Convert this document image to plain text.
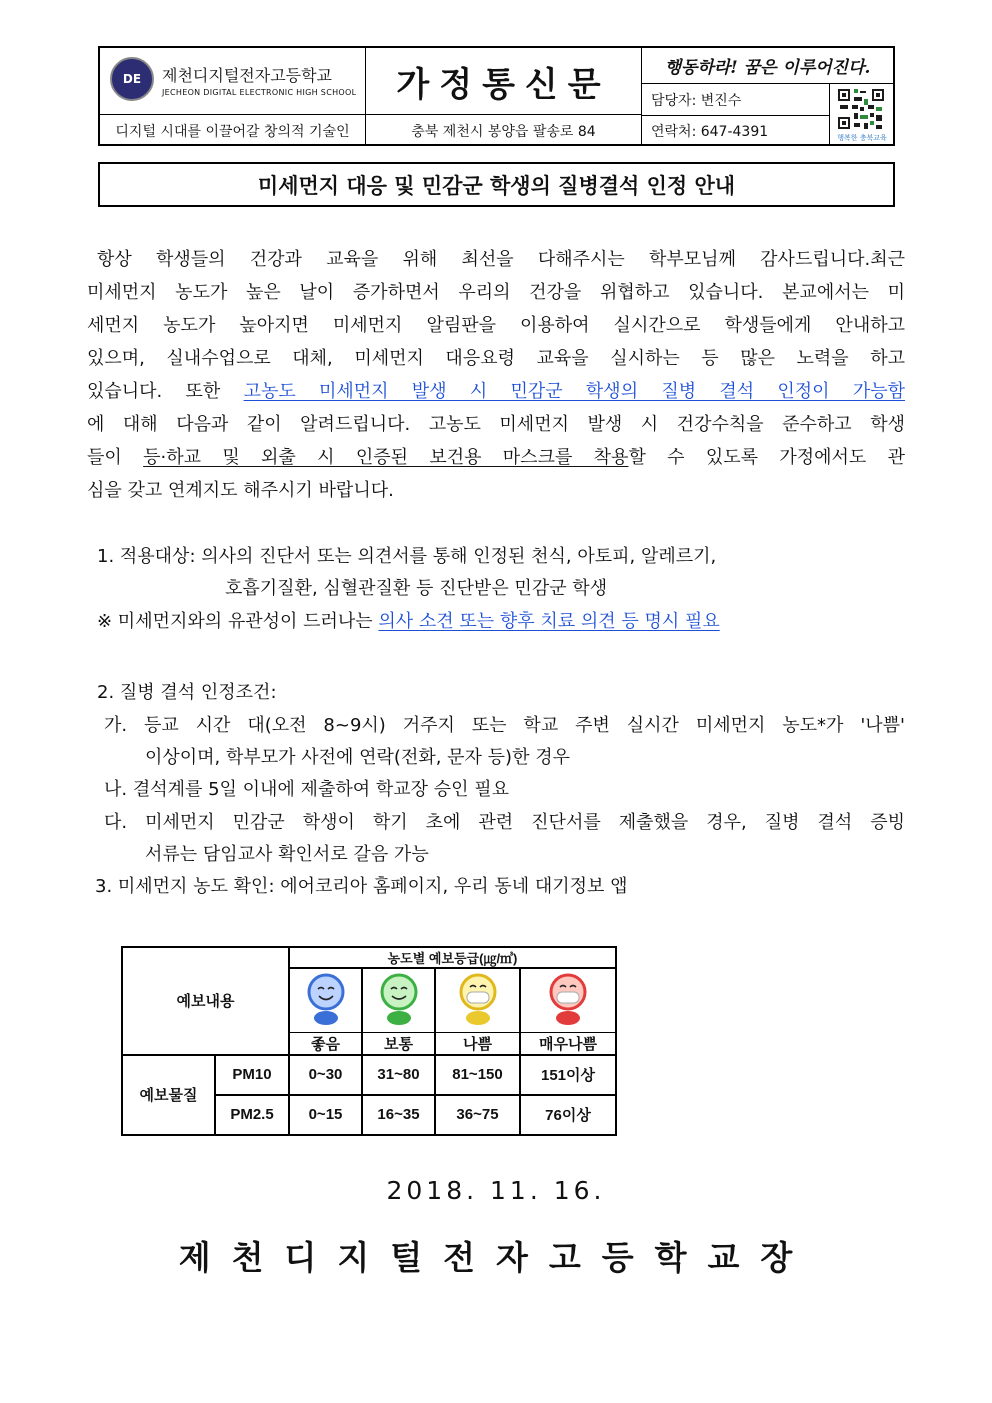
DE 제천디지털전자고등학교
JECHEON DIGITAL ELECTRONIC HIGH SCHOOL	가정통신문	행동하라! 꿈은 이루어진다.
담당자: 변진수
연락처: 647-4391	행복한 충북교육
디지털 시대를 이끌어갈 창의적 기술인	충북 제천시 봉양읍 팔송로 84
미세먼지 대응 및 민감군 학생의 질병결석 인정 안내
항상 학생들의 건강과 교육을 위해 최선을 다해주시는 학부모님께 감사드립니다.최근
미세먼지 농도가 높은 날이 증가하면서 우리의 건강을 위협하고 있습니다. 본교에서는 미
세먼지 농도가 높아지면 미세먼지 알림판을 이용하여 실시간으로 학생들에게 안내하고
있으며, 실내수업으로 대체, 미세먼지 대응요령 교육을 실시하는 등 많은 노력을 하고
있습니다. 또한 고농도 미세먼지 발생 시 민감군 학생의 질병 결석 인정이 가능함
에 대해 다음과 같이 알려드립니다. 고농도 미세먼지 발생 시 건강수칙을 준수하고 학생
들이 등·하교 및 외출 시 인증된 보건용 마스크를 착용할 수 있도록 가정에서도 관
심을 갖고 연계지도 해주시기 바랍니다.
1. 적용대상: 의사의 진단서 또는 의견서를 통해 인정된 천식, 아토피, 알레르기,
호흡기질환, 심혈관질환 등 진단받은 민감군 학생
※ 미세먼지와의 유관성이 드러나는 의사 소견 또는 향후 치료 의견 등 명시 필요
2. 질병 결석 인정조건:
가. 등교 시간 대(오전 8~9시) 거주지 또는 학교 주변 실시간 미세먼지 농도*가 '나쁨'
이상이며, 학부모가 사전에 연락(전화, 문자 등)한 경우
나. 결석계를 5일 이내에 제출하여 학교장 승인 필요
다. 미세먼지 민감군 학생이 학기 초에 관련 진단서를 제출했을 경우, 질병 결석 증빙
서류는 담임교사 확인서로 갈음 가능
3. 미세먼지 농도 확인: 에어코리아 홈페이지, 우리 동네 대기정보 앱
예보내용		농도별 예보등급(㎍/㎥)			

		좋음	보통	나쁨	매우나쁨
예보물질	PM10	0~30	31~80	81~150	151이상
	PM2.5	0~15	16~35	36~75	76이상
2018. 11. 16.
제천디지털전자고등학교장
